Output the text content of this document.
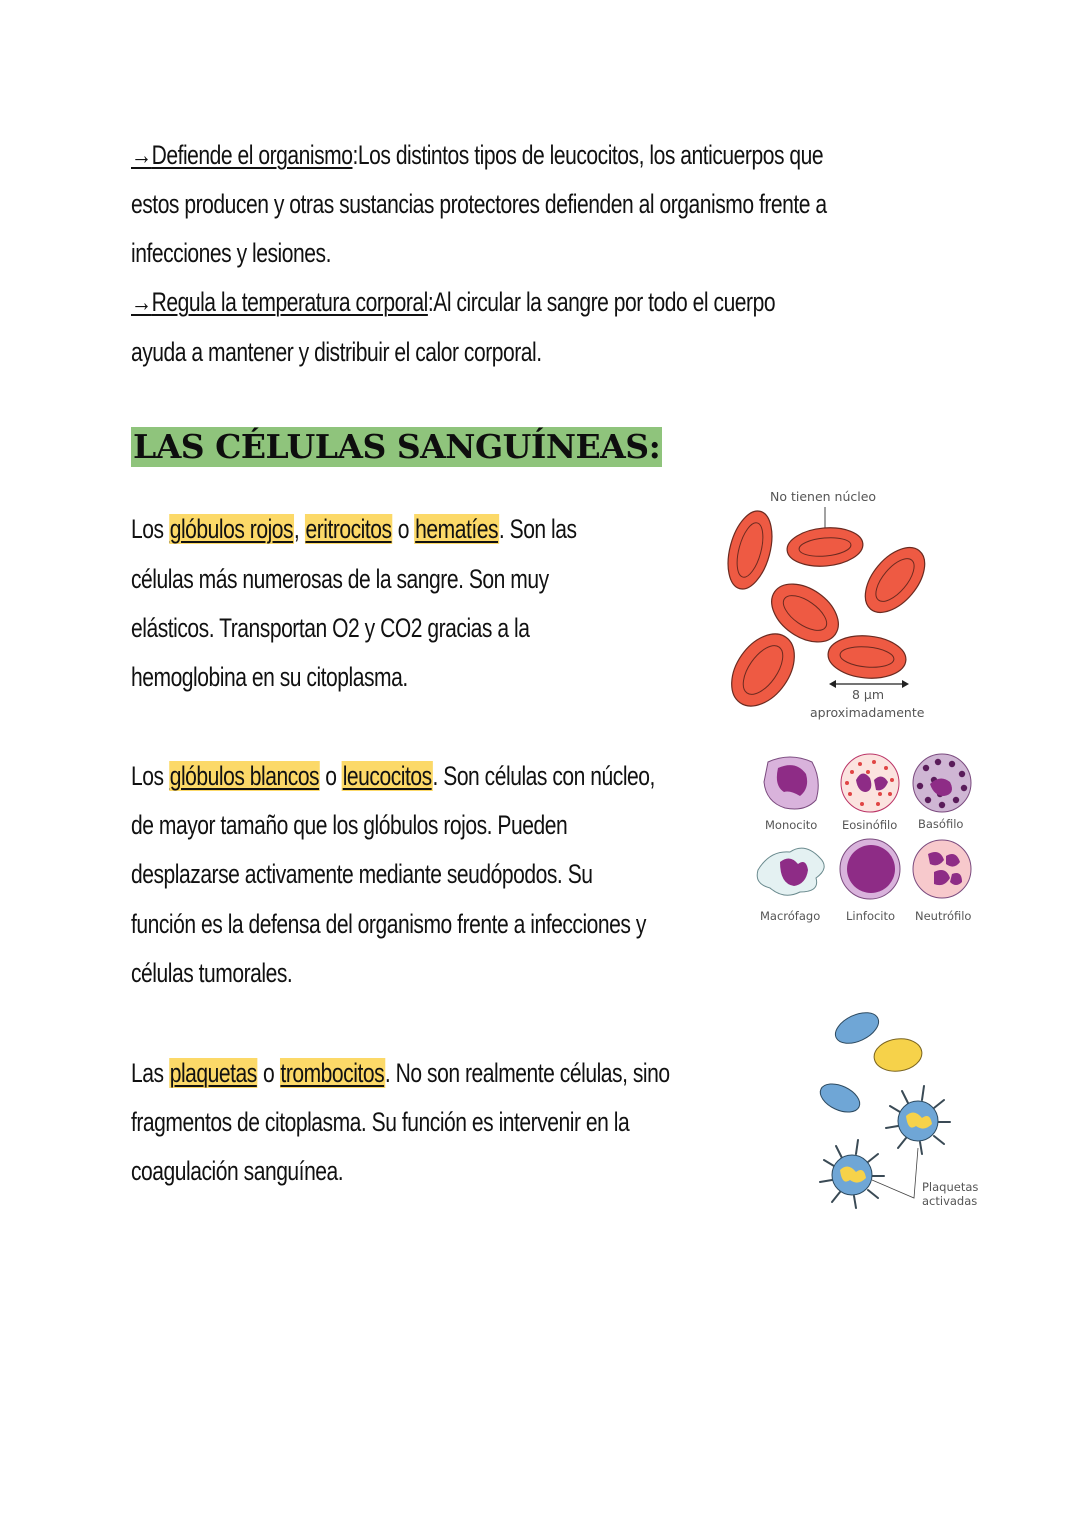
→Defiende el organismo:Los distintos tipos de leucocitos, los anticuerpos que
estos producen y otras sustancias protectores defienden al organismo frente a
infecciones y lesiones.
→Regula la temperatura corporal:Al circular la sangre por todo el cuerpo
ayuda a mantener y distribuir el calor corporal.
LAS CÉLULAS SANGUÍNEAS:
Los glóbulos rojos, eritrocitos o hematíes. Son las
células más numerosas de la sangre. Son muy
elásticos. Transportan O2 y CO2 gracias a la
hemoglobina en su citoplasma.
No tienen núcleo
8 µm
aproximadamente
Los glóbulos blancos o leucocitos. Son células con núcleo,
de mayor tamaño que los glóbulos rojos. Pueden
desplazarse activamente mediante seudópodos. Su
función es la defensa del organismo frente a infecciones y
células tumorales.
Monocito Eosinófilo Basófilo
Macrófago Linfocito Neutrófilo
Las plaquetas o trombocitos. No son realmente células, sino
fragmentos de citoplasma. Su función es intervenir en la
coagulación sanguínea.
Plaquetas
activadas
